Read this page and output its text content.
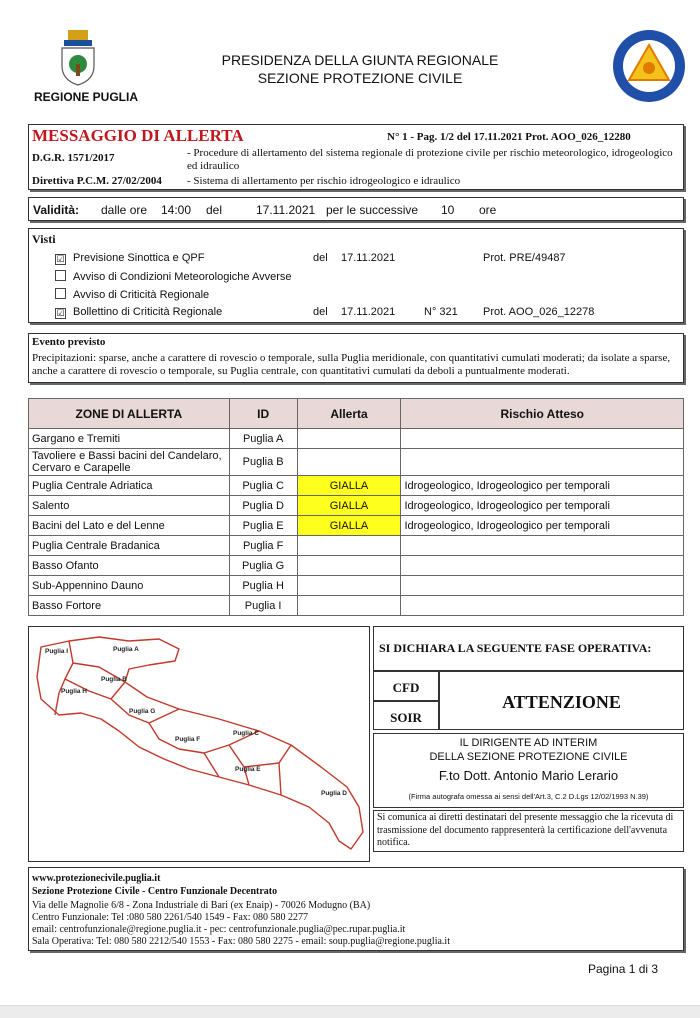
REGIONE PUGLIA
PRESIDENZA DELLA GIUNTA REGIONALE
SEZIONE PROTEZIONE CIVILE
MESSAGGIO DI ALLERTA	N° 1 - Pag. 1/2 del 17.11.2021 Prot. AOO_026_12280
D.G.R. 1571/2017	- Procedure di allertamento del sistema regionale di protezione civile per rischio meteorologico, idrogeologico ed idraulico
Direttiva P.C.M. 27/02/2004 - Sistema di allertamento per rischio idrogeologico e idraulico
Validità: dalle ore 14:00 del	17.11.2021 per le successive 10 ore
Visti
☑ Previsione Sinottica e QPF	del 17.11.2021	Prot. PRE/49487
Avviso di Condizioni Meteorologiche Avverse
Avviso di Criticità Regionale
☑ Bollettino di Criticità Regionale	del 17.11.2021	N° 321 Prot. AOO_026_12278
Evento previsto
Precipitazioni: sparse, anche a carattere di rovescio o temporale, sulla Puglia meridionale, con quantitativi cumulati moderati; da isolate a sparse, anche a carattere di rovescio o temporale, su Puglia centrale, con quantitativi cumulati da deboli a puntualmente moderati.
ZONE DI ALLERTA	ID	Allerta	Rischio Atteso
Gargano e Tremiti	Puglia A		
Tavoliere e Bassi bacini del Candelaro, Cervaro e Carapelle	Puglia B		
Puglia Centrale Adriatica	Puglia C	GIALLA	Idrogeologico, Idrogeologico per temporali
Salento	Puglia D	GIALLA	Idrogeologico, Idrogeologico per temporali
Bacini del Lato e del Lenne	Puglia E	GIALLA	Idrogeologico, Idrogeologico per temporali
Puglia Centrale Bradanica	Puglia F		
Basso Ofanto	Puglia G		
Sub-Appennino Dauno	Puglia H		
Basso Fortore	Puglia I		
Puglia I	Puglia A
Puglia B
Puglia H
Puglia G
Puglia F
Puglia C
Puglia E
Puglia D
SI DICHIARA LA SEGUENTE FASE OPERATIVA:
CFD
SOIR
ATTENZIONE
IL DIRIGENTE AD INTERIM
DELLA SEZIONE PROTEZIONE CIVILE
F.to Dott. Antonio Mario Lerario
(Firma autografa omessa ai sensi dell'Art.3, C.2 D.Lgs 12/02/1993 N.39)
Si comunica ai diretti destinatari del presente messaggio che la ricevuta di trasmissione del documento rappresenterà la certificazione dell'avvenuta notifica.
www.protezionecivile.puglia.it
Sezione Protezione Civile - Centro Funzionale Decentrato
Via delle Magnolie 6/8 - Zona Industriale di Bari (ex Enaip) - 70026 Modugno (BA)
Centro Funzionale: Tel :080 580 2261/540 1549 - Fax: 080 580 2277
email: centrofunzionale@regione.puglia.it - pec: centrofunzionale.puglia@pec.rupar.puglia.it
Sala Operativa: Tel: 080 580 2212/540 1553 - Fax: 080 580 2275 - email: soup.puglia@regione.puglia.it
Pagina 1 di 3
